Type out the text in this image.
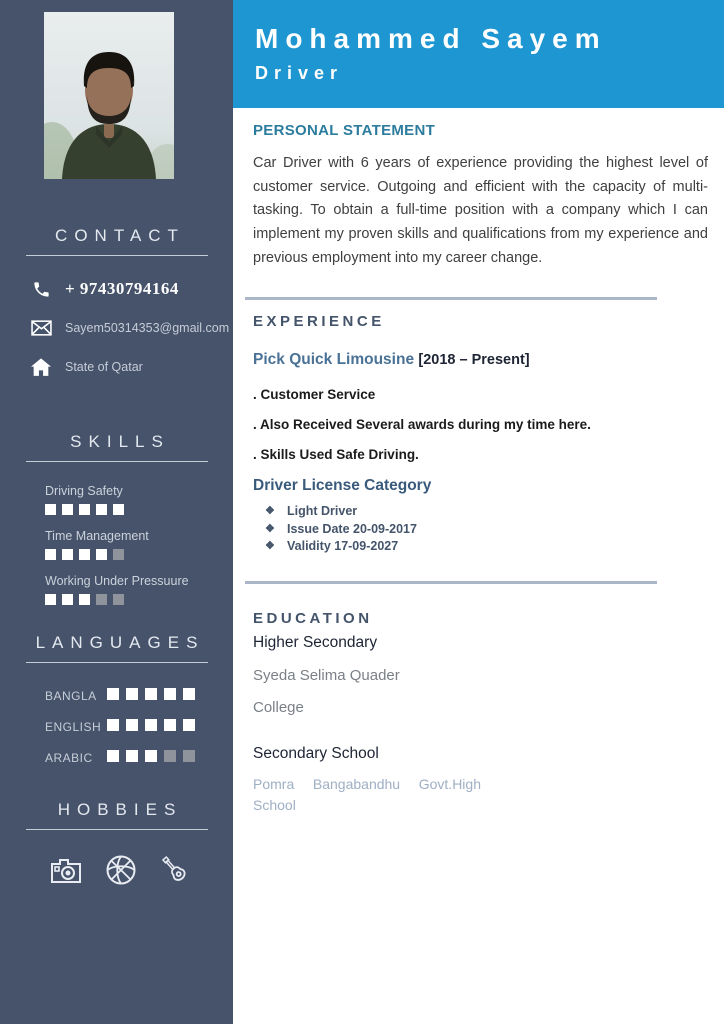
CONTACT
+ 97430794164
Sayem50314353@gmail.com
State of Qatar
SKILLS
Driving Safety
Time Management
Working Under Pressuure
LANGUAGES
BANGLA
ENGLISH
ARABIC
HOBBIES
Mohammed Sayem
Driver
PERSONAL STATEMENT

Car Driver with 6 years of experience providing the highest level of customer service. Outgoing and efficient with the capacity of multi-tasking. To obtain a full-time position with a company which I can implement my proven skills and qualifications from my experience and previous employment into my career change.

EXPERIENCE
Pick Quick Limousine [2018 – Present]
. Customer Service
. Also Received Several awards during my time here.
. Skills Used Safe Driving.
Driver License Category
❖ Light Driver
❖ Issue Date 20-09-2017
❖ Validity 17-09-2027
EDUCATION
Higher Secondary
Syeda Selima Quader
College
Secondary School
Pomra Bangabandhu Govt.High School
